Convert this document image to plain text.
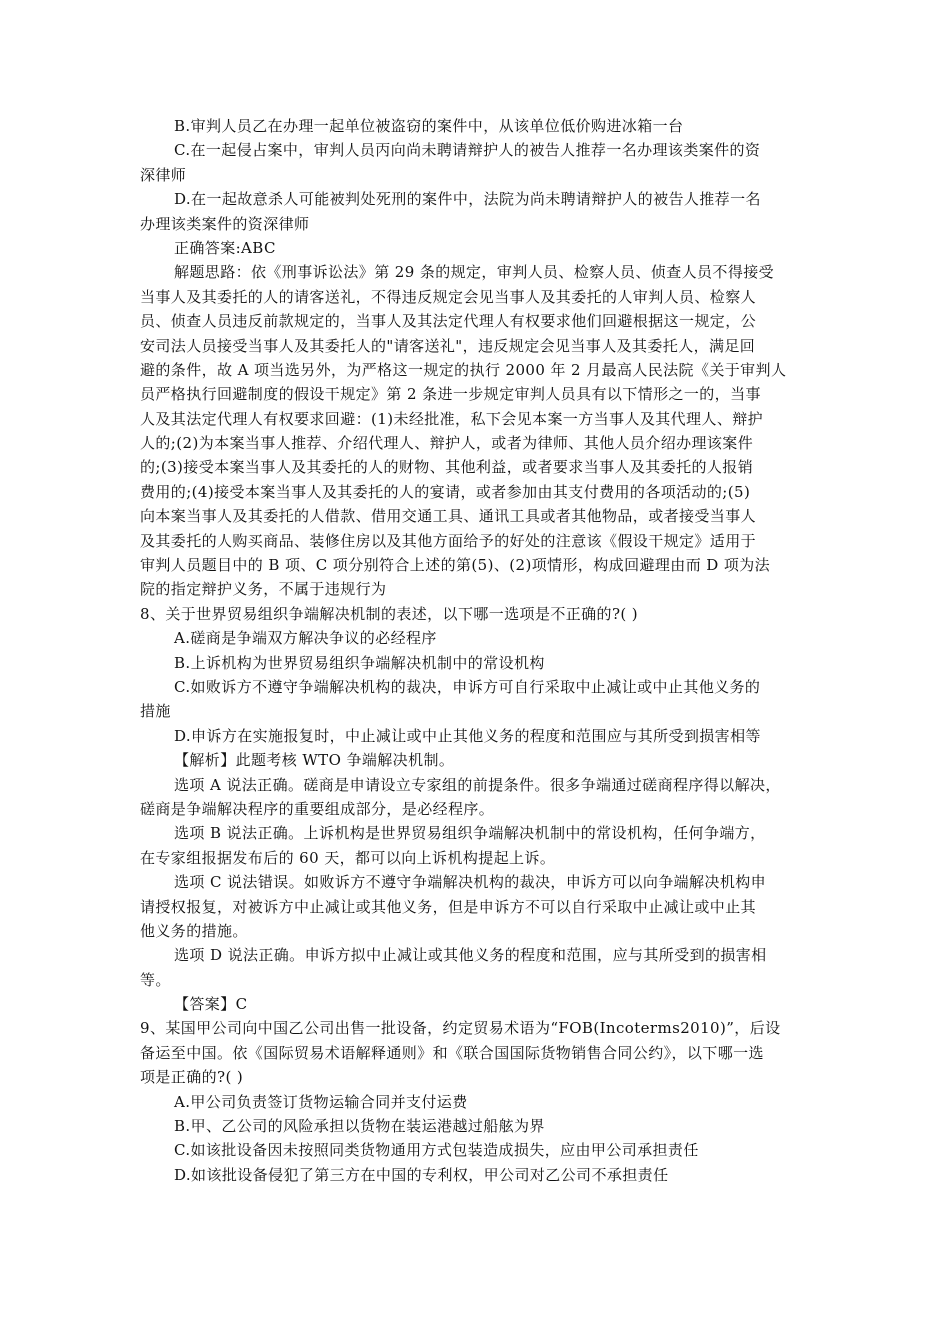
B.审判人员乙在办理一起单位被盗窃的案件中，从该单位低价购进冰箱一台
C.在一起侵占案中，审判人员丙向尚未聘请辩护人的被告人推荐一名办理该类案件的资
深律师
D.在一起故意杀人可能被判处死刑的案件中，法院为尚未聘请辩护人的被告人推荐一名
办理该类案件的资深律师
正确答案:ABC
解题思路：依《刑事诉讼法》第 29 条的规定，审判人员、检察人员、侦查人员不得接受
当事人及其委托的人的请客送礼，不得违反规定会见当事人及其委托的人审判人员、检察人
员、侦查人员违反前款规定的，当事人及其法定代理人有权要求他们回避根据这一规定，公
安司法人员接受当事人及其委托人的"请客送礼"，违反规定会见当事人及其委托人，满足回
避的条件，故 A 项当选另外，为严格这一规定的执行 2000 年 2 月最高人民法院《关于审判人
员严格执行回避制度的假设干规定》第 2 条进一步规定审判人员具有以下情形之一的，当事
人及其法定代理人有权要求回避：(1)未经批准，私下会见本案一方当事人及其代理人、辩护
人的;(2)为本案当事人推荐、介绍代理人、辩护人，或者为律师、其他人员介绍办理该案件
的;(3)接受本案当事人及其委托的人的财物、其他利益，或者要求当事人及其委托的人报销
费用的;(4)接受本案当事人及其委托的人的宴请，或者参加由其支付费用的各项活动的;(5)
向本案当事人及其委托的人借款、借用交通工具、通讯工具或者其他物品，或者接受当事人
及其委托的人购买商品、装修住房以及其他方面给予的好处的注意该《假设干规定》适用于
审判人员题目中的 B 项、C 项分别符合上述的第(5)、(2)项情形，构成回避理由而 D 项为法
院的指定辩护义务，不属于违规行为
8、关于世界贸易组织争端解决机制的表述，以下哪一选项是不正确的?( )
A.磋商是争端双方解决争议的必经程序
B.上诉机构为世界贸易组织争端解决机制中的常设机构
C.如败诉方不遵守争端解决机构的裁决，申诉方可自行采取中止减让或中止其他义务的
措施
D.申诉方在实施报复时，中止减让或中止其他义务的程度和范围应与其所受到损害相等
【解析】此题考核 WTO 争端解决机制。
选项 A 说法正确。磋商是申请设立专家组的前提条件。很多争端通过磋商程序得以解决，
磋商是争端解决程序的重要组成部分，是必经程序。
选项 B 说法正确。上诉机构是世界贸易组织争端解决机制中的常设机构，任何争端方，
在专家组报据发布后的 60 天，都可以向上诉机构提起上诉。
选项 C 说法错误。如败诉方不遵守争端解决机构的裁决，申诉方可以向争端解决机构申
请授权报复，对被诉方中止减让或其他义务，但是申诉方不可以自行采取中止减让或中止其
他义务的措施。
选项 D 说法正确。申诉方拟中止减让或其他义务的程度和范围，应与其所受到的损害相
等。
【答案】C
9、某国甲公司向中国乙公司出售一批设备，约定贸易术语为“FOB(Incoterms2010)”，后设
备运至中国。依《国际贸易术语解释通则》和《联合国国际货物销售合同公约》，以下哪一选
项是正确的?( )
A.甲公司负责签订货物运输合同并支付运费
B.甲、乙公司的风险承担以货物在装运港越过船舷为界
C.如该批设备因未按照同类货物通用方式包装造成损失，应由甲公司承担责任
D.如该批设备侵犯了第三方在中国的专利权，甲公司对乙公司不承担责任
